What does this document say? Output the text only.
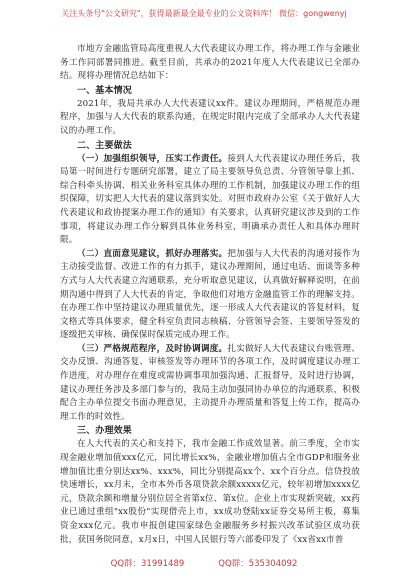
关注头条号"公文研究"，获得最新最全最专业的公文资料库！ 微信：gongwenyj

市地方金融监管局高度重视人大代表建议办理工作，将办理工作与金融业务工作同部署同推进。截至目前，共承办的2021年度人大代表建议已全部办结。现将办理情况总结如下：

一、基本情况

2021年，我局共承办人大代表建议xx件。建议办理期间，严格规范办理程序，加强与人大代表的联系沟通，在规定时限内完成了全部承办人大代表建议的办理工作。

二、主要做法

（一）加强组织领导，压实工作责任。接到人大代表建议办理任务后，我局第一时间进行专题研究部署，建立了局主要领导负总责、分管领导靠上抓、综合科牵头协调、相关业务科室具体办理的工作机制，加强建议办理工作的组织保障，切实把人大代表的建议落到实处。对照市政府办公室《关于做好人大代表建议和政协提案办理工作的通知》有关要求，认真研究建议涉及到的工作事项，将建议办理工作分解到具体业务科室，明确承办责任人和具体办理时限。

（二）直面意见建议，抓好办理落实。把加强与人大代表的沟通对接作为主动接受监督、改进工作的有力抓手，建议办理期间，通过电话、面谈等多种方式与人大代表建立沟通联系，充分听取意见建议，认真做好解释说明，在前期沟通中得到了人大代表的肯定，争取他们对地方金融监管工作的理解支持。在办理工作中坚持建议办理质量优先，逐一形成人大代表建议的答复材料，复文格式等具体要求，健全科室负责同志核稿、分管领导会签、主要领导签发的逐级把关审核、确保保时保质完成办理工作。

（三）严格规范程序，及时协调调度。扎实做好人大代表建议台账管理、交办反馈、沟通答复、审核签发等办理环节的各项工作，及时调度建议办理工作进度，对办理存在难度或需协调事项加强沟通、汇报督导，及时进行协调，建议办理任务涉及多部门参与的，我局主动加强同协办单位的沟通联系，积极配合主办单位提交书面办理意见，主动提升办理质量和答复上传工作，提高办理工作的时效性。

三、办理效果

在人大代表的关心和支持下，我市金融工作成效显著。前三季度，全市实现金融业增加值xxx亿元，同比增长xx%，金融业增加值占全市GDP和服务业增加值比重分别达xx%、xxx%，同比分别提高xx个、xx个百分点。信贷投放快速增长，xx月末，全市本外币各项贷款余额xxxxx亿元，较年初增加xxxx亿元，贷款余额和增量分别位居全省第x位、第x位。企业上市实现新突破，xx药业已通过重组"xx股份"实现借壳上市，xx成功登陆xx证券交易所主板，募集资金xxx亿元。我市申报创建国家绿色金融服务乡村振兴改革试验区成功获批，获国务院同意，x月x日，中国人民银行等六部委印发了《xx省xx市普

QQ群：31991489	QQ群：535304092
